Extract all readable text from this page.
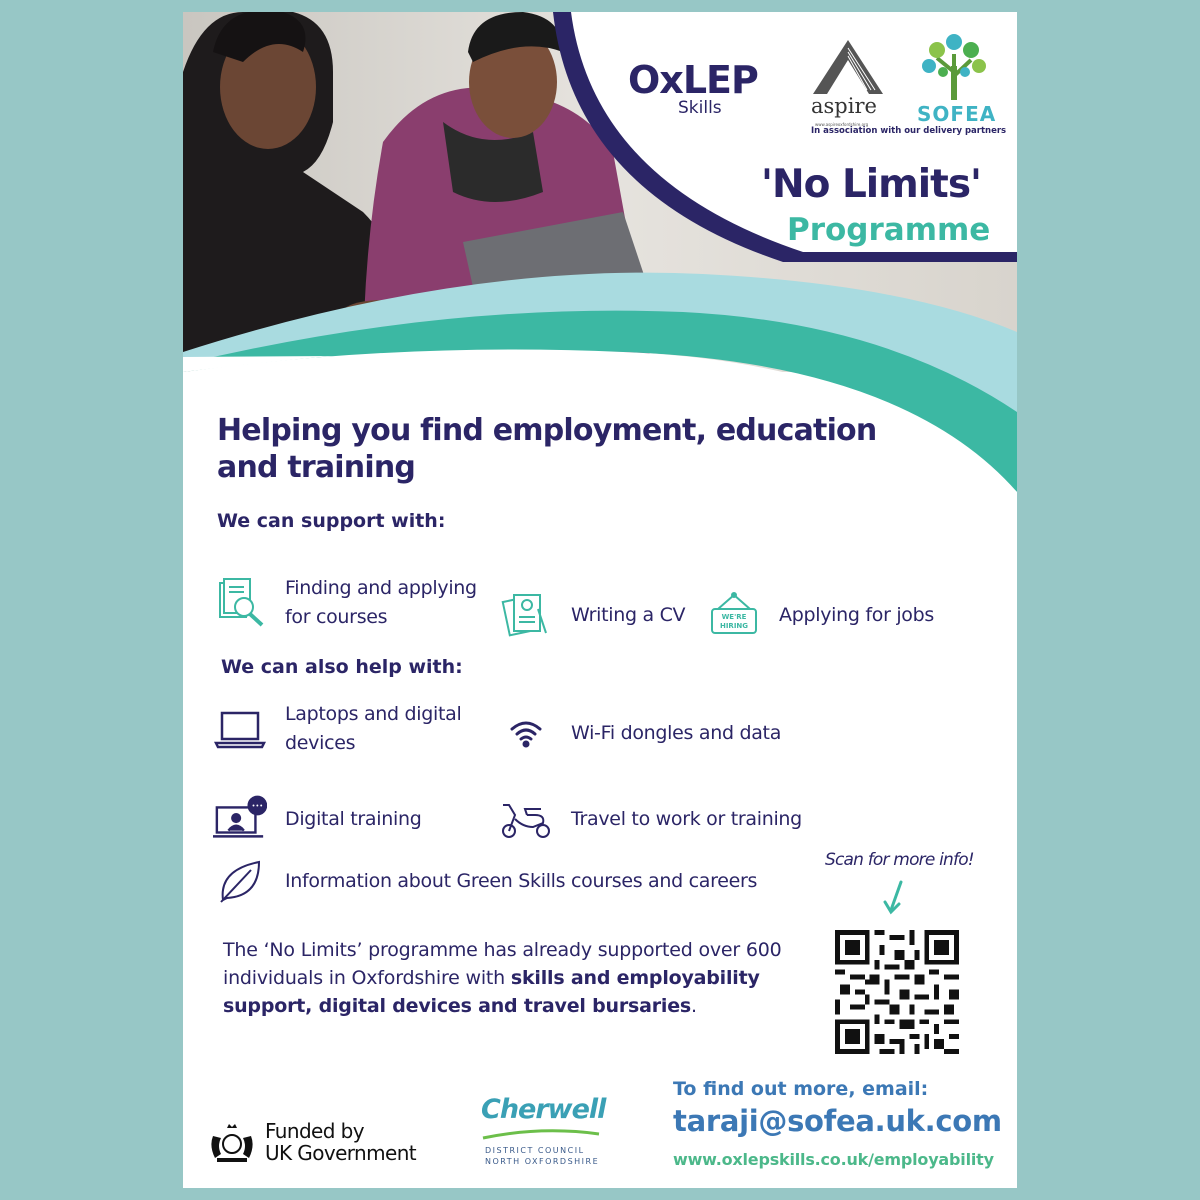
OxLEP
Skills	aspire
www.aspireoxfordshire.org SOFEA
In association with our delivery partners
'No Limits'
Programme
Helping you find employment, education and training
We can support with:
Finding and applying for courses	Writing a CV	WE'RE
HIRING
Applying for jobs
We can also help with:
Laptops and digital devices	Wi-Fi dongles and data
Digital training	Travel to work or training
Information about Green Skills courses and careers

The ‘No Limits’ programme has already supported over 600 individuals in Oxfordshire with skills and employability support, digital devices and travel bursaries.

Scan for more info!
Funded by
UK Government
Cherwell
DISTRICT COUNCIL
NORTH OXFORDSHIRE
To find out more, email:
taraji@sofea.uk.com
www.oxlepskills.co.uk/employability
